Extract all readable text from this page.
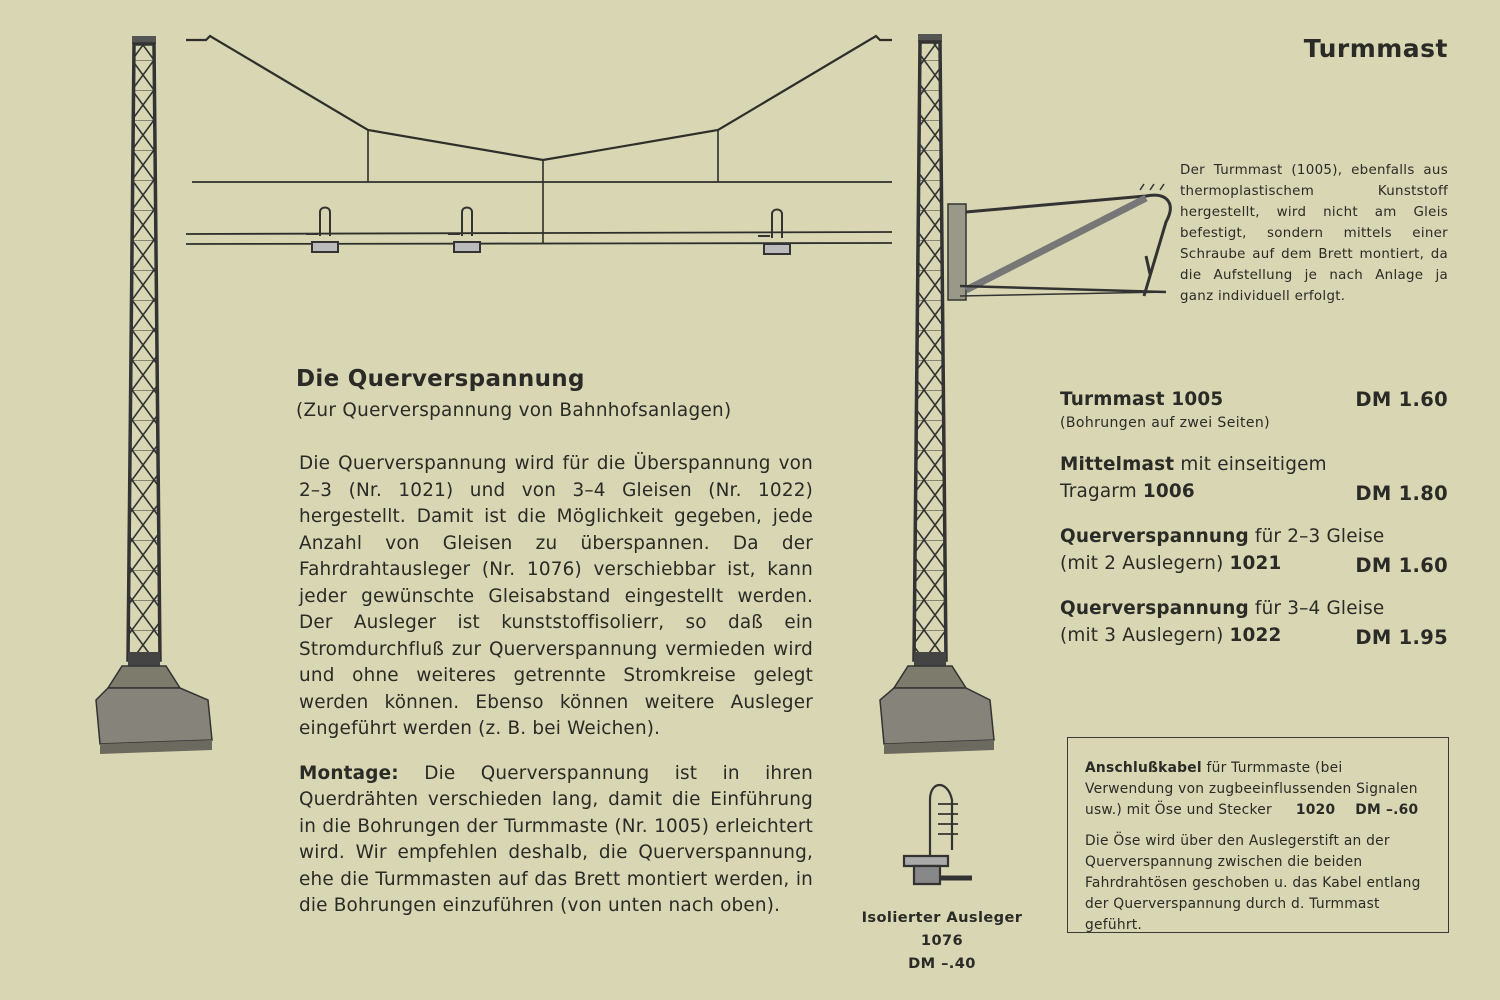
Turmmast
Der Turmmast (1005), ebenfalls aus thermoplastischem Kunststoff hergestellt, wird nicht am Gleis befestigt, sondern mittels einer Schraube auf dem Brett montiert, da die Aufstellung je nach Anlage ja ganz individuell erfolgt.
Die Querverspannung
(Zur Querverspannung von Bahnhofsanlagen)

Die Querverspannung wird für die Überspannung von 2–3 (Nr. 1021) und von 3–4 Gleisen (Nr. 1022) hergestellt. Damit ist die Möglichkeit gegeben, jede Anzahl von Gleisen zu überspannen. Da der Fahrdrahtausleger (Nr. 1076) verschiebbar ist, kann jeder gewünschte Gleisabstand eingestellt werden. Der Ausleger ist kunststoffisolierr, so daß ein Stromdurchfluß zur Querverspannung vermieden wird und ohne weiteres getrennte Stromkreise gelegt werden können. Ebenso können weitere Ausleger eingeführt werden (z. B. bei Weichen).

Montage: Die Querverspannung ist in ihren Querdrähten verschieden lang, damit die Einführung in die Bohrungen der Turmmaste (Nr. 1005) erleichtert wird. Wir empfehlen deshalb, die Querverspannung, ehe die Turmmasten auf das Brett montiert werden, in die Bohrungen einzuführen (von unten nach oben).

Turmmast 1005
(Bohrungen auf zwei Seiten)
DM 1.60
Mittelmast mit einseitigem
Tragarm 1006	DM 1.80
Querverspannung für 2–3 Gleise
(mit 2 Auslegern) 1021	DM 1.60
Querverspannung für 3–4 Gleise
(mit 3 Auslegern) 1022	DM 1.95
Isolierter Ausleger 1076
DM –.40

Anschlußkabel für Turmmaste (bei Verwendung von zugbeeinflussenden Signalen usw.) mit Öse und Stecker 1020 DM –.60

Die Öse wird über den Auslegerstift an der Querverspannung zwischen die beiden Fahrdrahtösen geschoben u. das Kabel entlang der Querverspannung durch d. Turmmast geführt.
